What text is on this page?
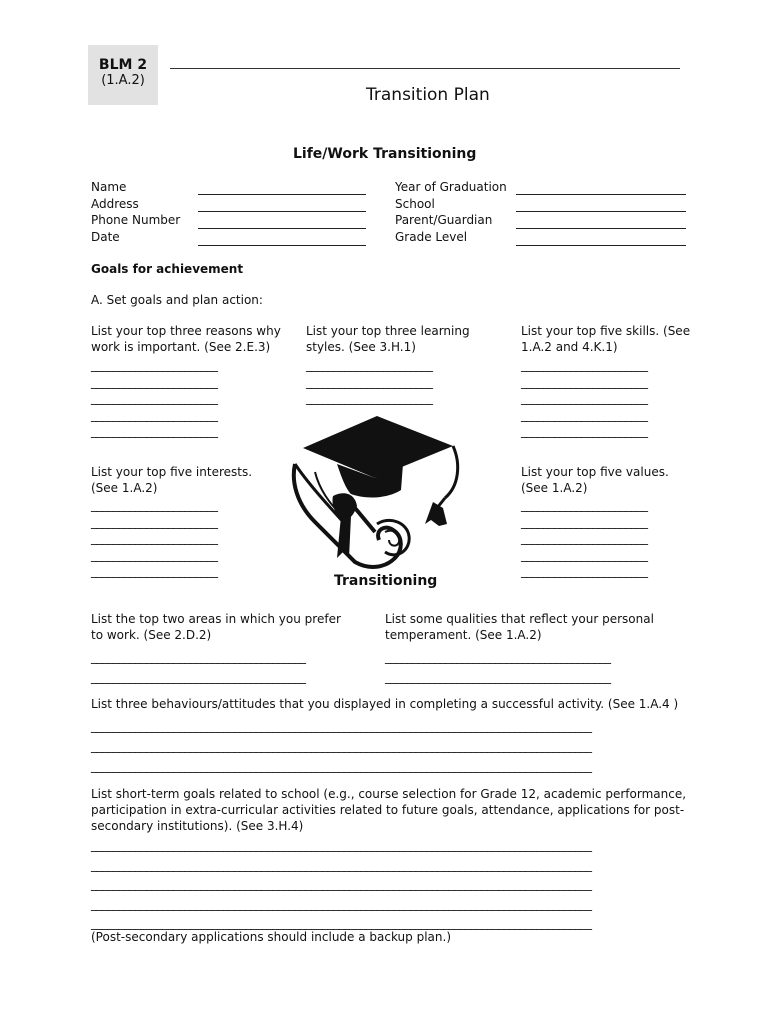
BLM 2
(1.A.2)
Transition Plan
Life/Work Transitioning
Name
Address
Phone Number
Date
Year of Graduation
School
Parent/Guardian
Grade Level
Goals for achievement
A. Set goals and plan action:
List your top three reasons why work is important. (See 2.E.3)
_______________________
_______________________
_______________________
_______________________
_______________________
List your top three learning styles. (See 3.H.1)
_______________________
_______________________
_______________________
List your top five skills. (See 1.A.2 and 4.K.1)
_______________________
_______________________
_______________________
_______________________
_______________________
List your top five interests. (See 1.A.2)
_______________________
_______________________
_______________________
_______________________
_______________________
List your top five values. (See 1.A.2)
_______________________
_______________________
_______________________
_______________________
_______________________
Transitioning
List the top two areas in which you prefer to work. (See 2.D.2)
_______________________________________
_______________________________________
List some qualities that reflect your personal temperament. (See 1.A.2)
_________________________________________
_________________________________________
List three behaviours/attitudes that you displayed in completing a successful activity. (See 1.A.4 )
___________________________________________________________________________________________
___________________________________________________________________________________________
___________________________________________________________________________________________
List short-term goals related to school (e.g., course selection for Grade 12, academic performance, participation in extra-curricular activities related to future goals, attendance, applications for post-secondary institutions). (See 3.H.4)
___________________________________________________________________________________________
___________________________________________________________________________________________
___________________________________________________________________________________________
___________________________________________________________________________________________
___________________________________________________________________________________________
(Post-secondary applications should include a backup plan.)
